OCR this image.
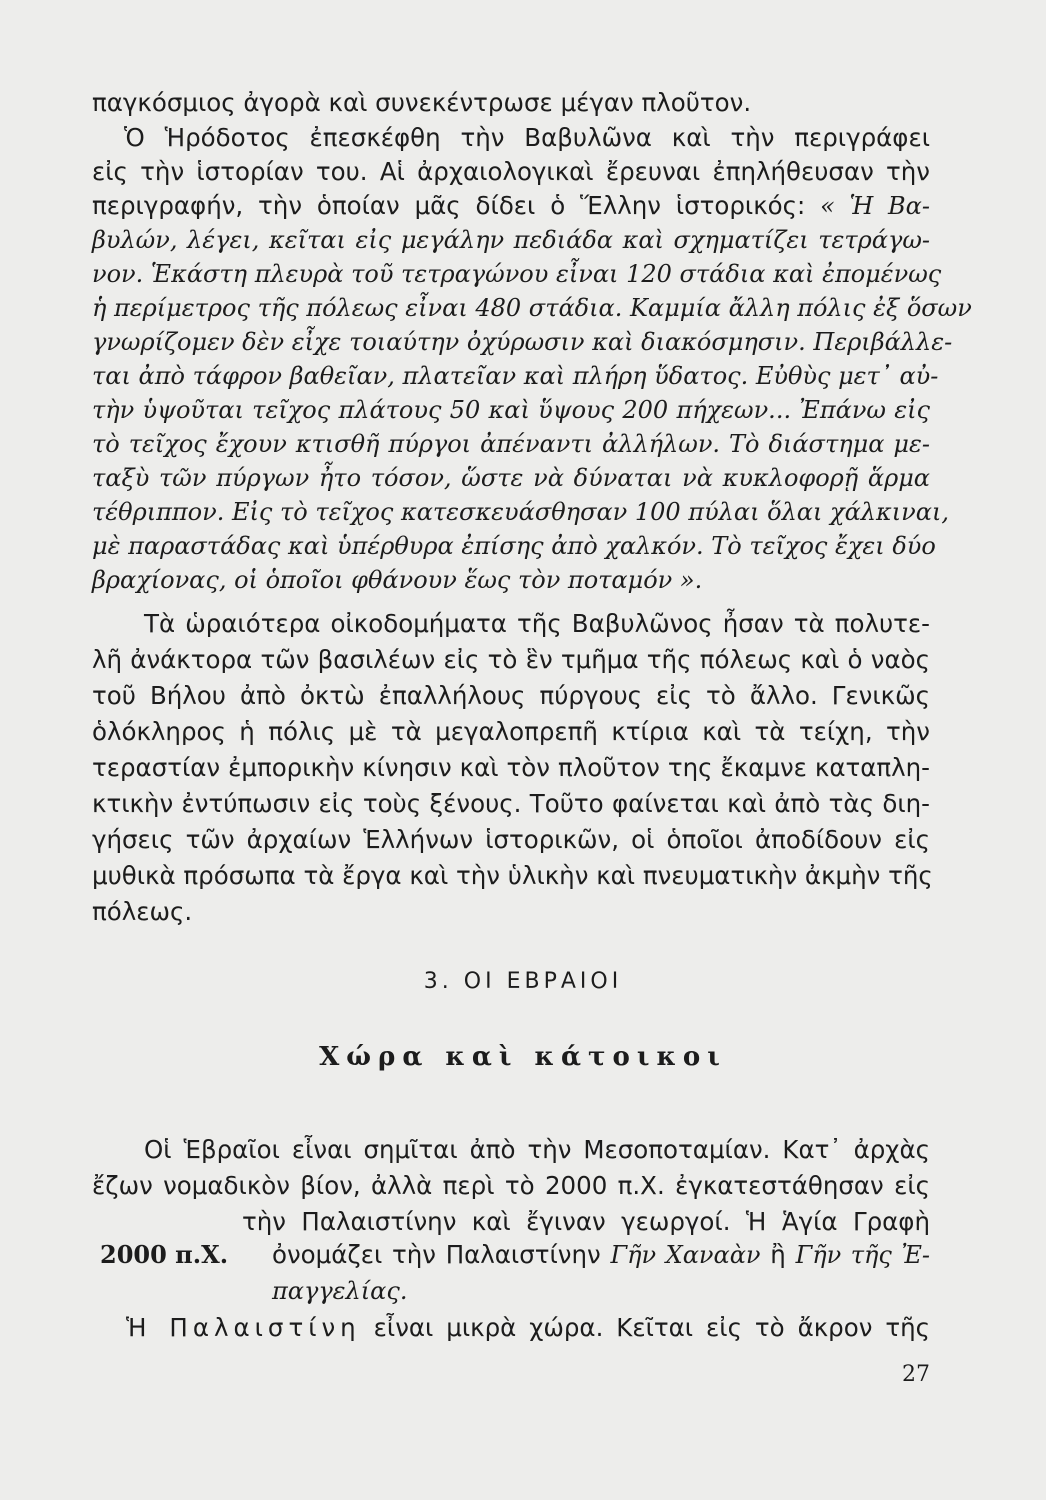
παγκόσμιος ἀγορὰ καὶ συνεκέντρωσε μέγαν πλοῦτον.
Ὁ Ἡρόδοτος ἐπεσκέφθη τὴν Βαβυλῶνα καὶ τὴν περιγράφει
εἰς τὴν ἱστορίαν του. Αἱ ἀρχαιολογικαὶ ἔρευναι ἐπηλήθευσαν τὴν
περιγραφήν, τὴν ὁποίαν μᾶς δίδει ὁ Ἕλλην ἱστορικός: « Ἡ Βα-
βυλών, λέγει, κεῖται εἰς μεγάλην πεδιάδα καὶ σχηματίζει τετράγω-
νον. Ἑκάστη πλευρὰ τοῦ τετραγώνου εἶναι 120 στάδια καὶ ἐπομένως
ἡ περίμετρος τῆς πόλεως εἶναι 480 στάδια. Καμμία ἄλλη πόλις ἐξ ὅσων
γνωρίζομεν δὲν εἶχε τοιαύτην ὀχύρωσιν καὶ διακόσμησιν. Περιβάλλε-
ται ἀπὸ τάφρον βαθεῖαν, πλατεῖαν καὶ πλήρη ὕδατος. Εὐθὺς μετ᾽ αὐ-
τὴν ὑψοῦται τεῖχος πλάτους 50 καὶ ὕψους 200 πήχεων... Ἐπάνω εἰς
τὸ τεῖχος ἔχουν κτισθῆ πύργοι ἀπέναντι ἀλλήλων. Τὸ διάστημα με-
ταξὺ τῶν πύργων ἦτο τόσον, ὥστε νὰ δύναται νὰ κυκλοφορῇ ἅρμα
τέθριππον. Εἰς τὸ τεῖχος κατεσκευάσθησαν 100 πύλαι ὅλαι χάλκιναι,
μὲ παραστάδας καὶ ὑπέρθυρα ἐπίσης ἀπὸ χαλκόν. Τὸ τεῖχος ἔχει δύο
βραχίονας, οἱ ὁποῖοι φθάνουν ἕως τὸν ποταμόν ».
Τὰ ὡραιότερα οἰκοδομήματα τῆς Βαβυλῶνος ἦσαν τὰ πολυτε-
λῆ ἀνάκτορα τῶν βασιλέων εἰς τὸ ἓν τμῆμα τῆς πόλεως καὶ ὁ ναὸς
τοῦ Βήλου ἀπὸ ὀκτὼ ἐπαλλήλους πύργους εἰς τὸ ἄλλο. Γενικῶς
ὁλόκληρος ἡ πόλις μὲ τὰ μεγαλοπρεπῆ κτίρια καὶ τὰ τείχη, τὴν
τεραστίαν ἐμπορικὴν κίνησιν καὶ τὸν πλοῦτον της ἔκαμνε καταπλη-
κτικὴν ἐντύπωσιν εἰς τοὺς ξένους. Τοῦτο φαίνεται καὶ ἀπὸ τὰς διη-
γήσεις τῶν ἀρχαίων Ἑλλήνων ἱστορικῶν, οἱ ὁποῖοι ἀποδίδουν εἰς
μυθικὰ πρόσωπα τὰ ἔργα καὶ τὴν ὑλικὴν καὶ πνευματικὴν ἀκμὴν τῆς
πόλεως.
Οἱ Ἑβραῖοι εἶναι σημῖται ἀπὸ τὴν Μεσοποταμίαν. Κατ᾽ ἀρχὰς
ἔζων νομαδικὸν βίον, ἀλλὰ περὶ τὸ 2000 π.Χ. ἐγκατεστάθησαν εἰς
τὴν Παλαιστίνην καὶ ἔγιναν γεωργοί. Ἡ Ἁγία Γραφὴ
ὀνομάζει τὴν Παλαιστίνην Γῆν Χαναὰν ἢ Γῆν τῆς Ἐ-
παγγελίας.
Ἡ Παλαιστίνη εἶναι μικρὰ χώρα. Κεῖται εἰς τὸ ἄκρον τῆς
3. ΟΙ ΕΒΡΑΙΟΙ
Χώρα καὶ κάτοικοι
2000 π.Χ.
27
